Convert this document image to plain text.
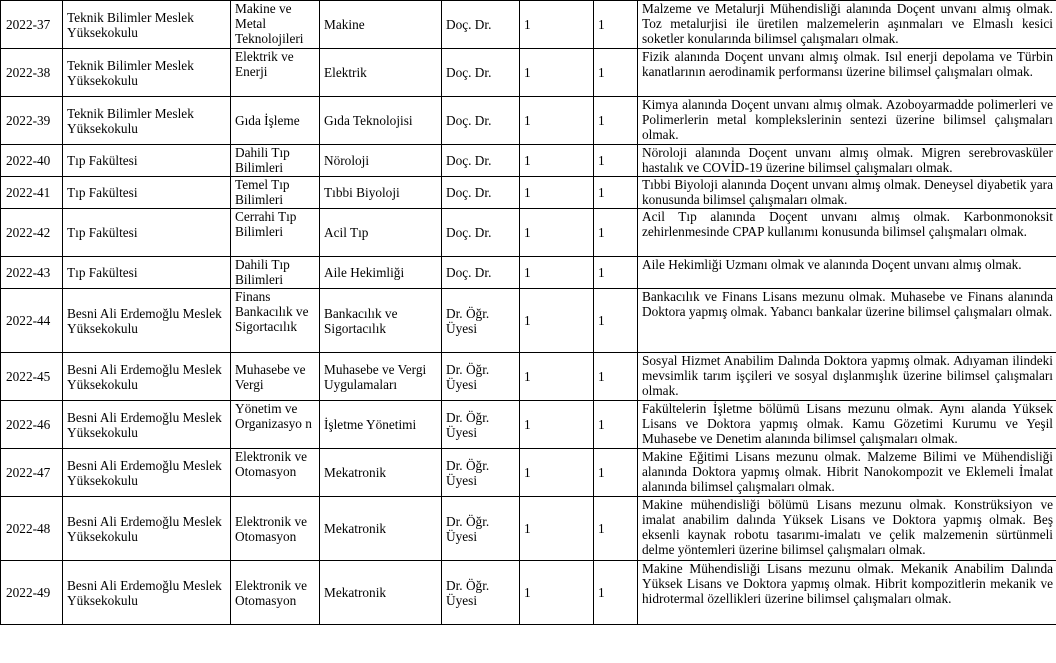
2022-37	Teknik Bilimler Meslek Yüksekokulu	Makine ve Metal Teknolojileri	Makine	Doç. Dr.	1	1	Malzeme ve Metalurji Mühendisliği alanında Doçent unvanı almış olmak. Toz metalurjisi ile üretilen malzemelerin aşınmaları ve Elmaslı kesici soketler konularında bilimsel çalışmaları olmak.
2022-38	Teknik Bilimler Meslek Yüksekokulu	Elektrik ve Enerji	Elektrik	Doç. Dr.	1	1	Fizik alanında Doçent unvanı almış olmak. Isıl enerji depolama ve Türbin kanatlarının aerodinamik performansı üzerine bilimsel çalışmaları olmak.
2022-39	Teknik Bilimler Meslek Yüksekokulu	Gıda İşleme	Gıda Teknolojisi	Doç. Dr.	1	1	Kimya alanında Doçent unvanı almış olmak. Azoboyarmadde polimerleri ve Polimerlerin metal komplekslerinin sentezi üzerine bilimsel çalışmaları olmak.
2022-40	Tıp Fakültesi	Dahili Tıp Bilimleri	Nöroloji	Doç. Dr.	1	1	Nöroloji alanında Doçent unvanı almış olmak. Migren serebrovasküler hastalık ve COVİD-19 üzerine bilimsel çalışmaları olmak.
2022-41	Tıp Fakültesi	Temel Tıp Bilimleri	Tıbbi Biyoloji	Doç. Dr.	1	1	Tıbbi Biyoloji alanında Doçent unvanı almış olmak. Deneysel diyabetik yara konusunda bilimsel çalışmaları olmak.
2022-42	Tıp Fakültesi	Cerrahi Tıp Bilimleri	Acil Tıp	Doç. Dr.	1	1	Acil Tıp alanında Doçent unvanı almış olmak. Karbonmonoksit zehirlenmesinde CPAP kullanımı konusunda bilimsel çalışmaları olmak.
2022-43	Tıp Fakültesi	Dahili Tıp Bilimleri	Aile Hekimliği	Doç. Dr.	1	1	Aile Hekimliği Uzmanı olmak ve alanında Doçent unvanı almış olmak.
2022-44	Besni Ali Erdemoğlu Meslek Yüksekokulu	Finans Bankacılık ve Sigortacılık	Bankacılık ve Sigortacılık	Dr. Öğr. Üyesi	1	1	Bankacılık ve Finans Lisans mezunu olmak. Muhasebe ve Finans alanında Doktora yapmış olmak. Yabancı bankalar üzerine bilimsel çalışmaları olmak.
2022-45	Besni Ali Erdemoğlu Meslek Yüksekokulu	Muhasebe ve Vergi	Muhasebe ve Vergi Uygulamaları	Dr. Öğr. Üyesi	1	1	Sosyal Hizmet Anabilim Dalında Doktora yapmış olmak. Adıyaman ilindeki mevsimlik tarım işçileri ve sosyal dışlanmışlık üzerine bilimsel çalışmaları olmak.
2022-46	Besni Ali Erdemoğlu Meslek Yüksekokulu	Yönetim ve Organizasyo n	İşletme Yönetimi	Dr. Öğr. Üyesi	1	1	Fakültelerin İşletme bölümü Lisans mezunu olmak. Aynı alanda Yüksek Lisans ve Doktora yapmış olmak. Kamu Gözetimi Kurumu ve Yeşil Muhasebe ve Denetim alanında bilimsel çalışmaları olmak.
2022-47	Besni Ali Erdemoğlu Meslek Yüksekokulu	Elektronik ve Otomasyon	Mekatronik	Dr. Öğr. Üyesi	1	1	Makine Eğitimi Lisans mezunu olmak. Malzeme Bilimi ve Mühendisliği alanında Doktora yapmış olmak. Hibrit Nanokompozit ve Eklemeli İmalat alanında bilimsel çalışmaları olmak.
2022-48	Besni Ali Erdemoğlu Meslek Yüksekokulu	Elektronik ve Otomasyon	Mekatronik	Dr. Öğr. Üyesi	1	1	Makine mühendisliği bölümü Lisans mezunu olmak. Konstrüksiyon ve imalat anabilim dalında Yüksek Lisans ve Doktora yapmış olmak. Beş eksenli kaynak robotu tasarımı-imalatı ve çelik malzemenin sürtünmeli delme yöntemleri üzerine bilimsel çalışmaları olmak.
2022-49	Besni Ali Erdemoğlu Meslek Yüksekokulu	Elektronik ve Otomasyon	Mekatronik	Dr. Öğr. Üyesi	1	1	Makine Mühendisliği Lisans mezunu olmak. Mekanik Anabilim Dalında Yüksek Lisans ve Doktora yapmış olmak. Hibrit kompozitlerin mekanik ve hidrotermal özellikleri üzerine bilimsel çalışmaları olmak.
